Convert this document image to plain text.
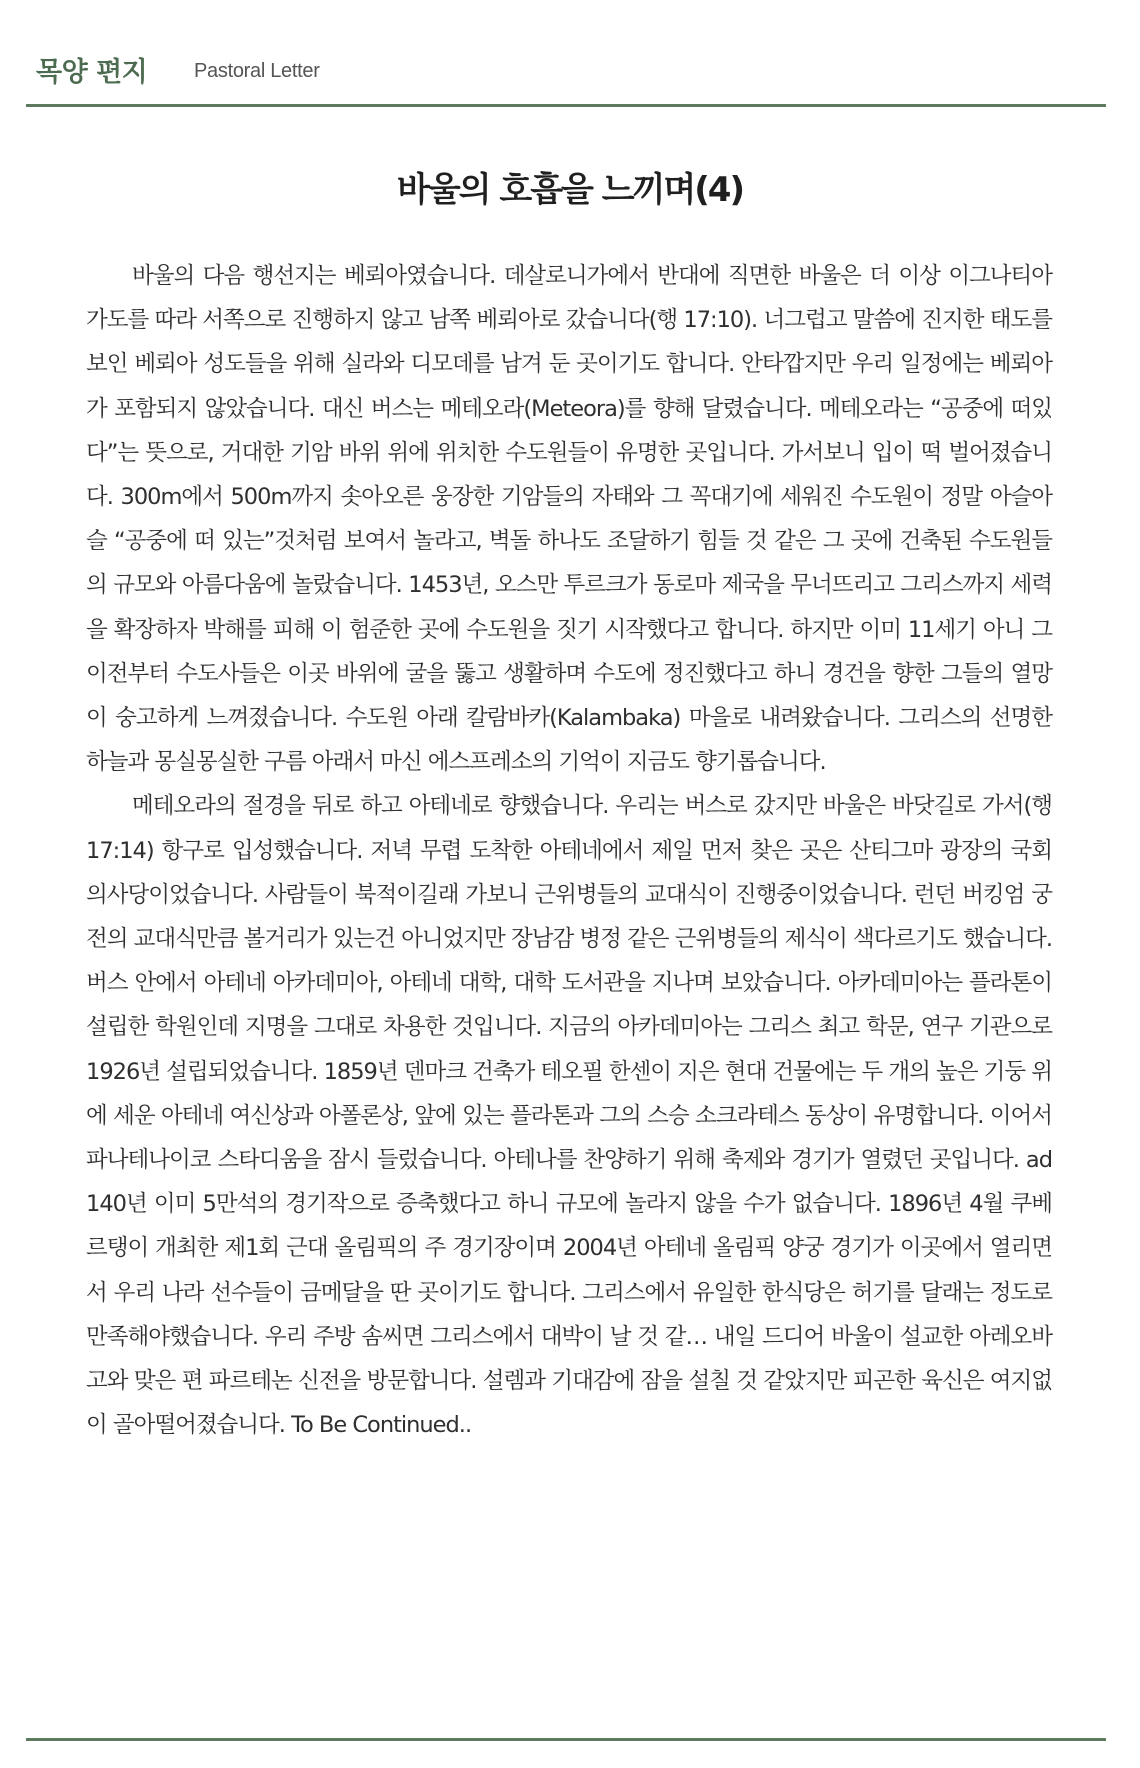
목양 편지 Pastoral Letter
바울의 호흡을 느끼며(4)

바울의 다음 행선지는 베뢰아였습니다. 데살로니가에서 반대에 직면한 바울은 더 이상 이그나티아 가도를 따라 서쪽으로 진행하지 않고 남쪽 베뢰아로 갔습니다(행 17:10). 너그럽고 말씀에 진지한 태도를 보인 베뢰아 성도들을 위해 실라와 디모데를 남겨 둔 곳이기도 합니다. 안타깝지만 우리 일정에는 베뢰아가 포함되지 않았습니다. 대신 버스는 메테오라(Meteora)를 향해 달렸습니다. 메테오라는 “공중에 떠있다”는 뜻으로, 거대한 기암 바위 위에 위치한 수도원들이 유명한 곳입니다. 가서보니 입이 떡 벌어졌습니다. 300m에서 500m까지 솟아오른 웅장한 기암들의 자태와 그 꼭대기에 세워진 수도원이 정말 아슬아슬 “공중에 떠 있는”것처럼 보여서 놀라고, 벽돌 하나도 조달하기 힘들 것 같은 그 곳에 건축된 수도원들의 규모와 아름다움에 놀랐습니다. 1453년, 오스만 투르크가 동로마 제국을 무너뜨리고 그리스까지 세력을 확장하자 박해를 피해 이 험준한 곳에 수도원을 짓기 시작했다고 합니다. 하지만 이미 11세기 아니 그 이전부터 수도사들은 이곳 바위에 굴을 뚫고 생활하며 수도에 정진했다고 하니 경건을 향한 그들의 열망이 숭고하게 느껴졌습니다. 수도원 아래 칼람바카(Kalambaka) 마을로 내려왔습니다. 그리스의 선명한 하늘과 몽실몽실한 구름 아래서 마신 에스프레소의 기억이 지금도 향기롭습니다.

메테오라의 절경을 뒤로 하고 아테네로 향했습니다. 우리는 버스로 갔지만 바울은 바닷길로 가서(행 17:14) 항구로 입성했습니다. 저녁 무렵 도착한 아테네에서 제일 먼저 찾은 곳은 산티그마 광장의 국회 의사당이었습니다. 사람들이 북적이길래 가보니 근위병들의 교대식이 진행중이었습니다. 런던 버킹엄 궁전의 교대식만큼 볼거리가 있는건 아니었지만 장남감 병정 같은 근위병들의 제식이 색다르기도 했습니다. 버스 안에서 아테네 아카데미아, 아테네 대학, 대학 도서관을 지나며 보았습니다. 아카데미아는 플라톤이 설립한 학원인데 지명을 그대로 차용한 것입니다. 지금의 아카데미아는 그리스 최고 학문, 연구 기관으로 1926년 설립되었습니다. 1859년 덴마크 건축가 테오필 한센이 지은 현대 건물에는 두 개의 높은 기둥 위에 세운 아테네 여신상과 아폴론상, 앞에 있는 플라톤과 그의 스승 소크라테스 동상이 유명합니다. 이어서 파나테나이코 스타디움을 잠시 들렀습니다. 아테나를 찬양하기 위해 축제와 경기가 열렸던 곳입니다. ad 140년 이미 5만석의 경기작으로 증축했다고 하니 규모에 놀라지 않을 수가 없습니다. 1896년 4월 쿠베르탱이 개최한 제1회 근대 올림픽의 주 경기장이며 2004년 아테네 올림픽 양궁 경기가 이곳에서 열리면서 우리 나라 선수들이 금메달을 딴 곳이기도 합니다. 그리스에서 유일한 한식당은 허기를 달래는 정도로 만족해야했습니다. 우리 주방 솜씨면 그리스에서 대박이 날 것 같… 내일 드디어 바울이 설교한 아레오바고와 맞은 편 파르테논 신전을 방문합니다. 설렘과 기대감에 잠을 설칠 것 같았지만 피곤한 육신은 여지없이 골아떨어졌습니다. To Be Continued..
